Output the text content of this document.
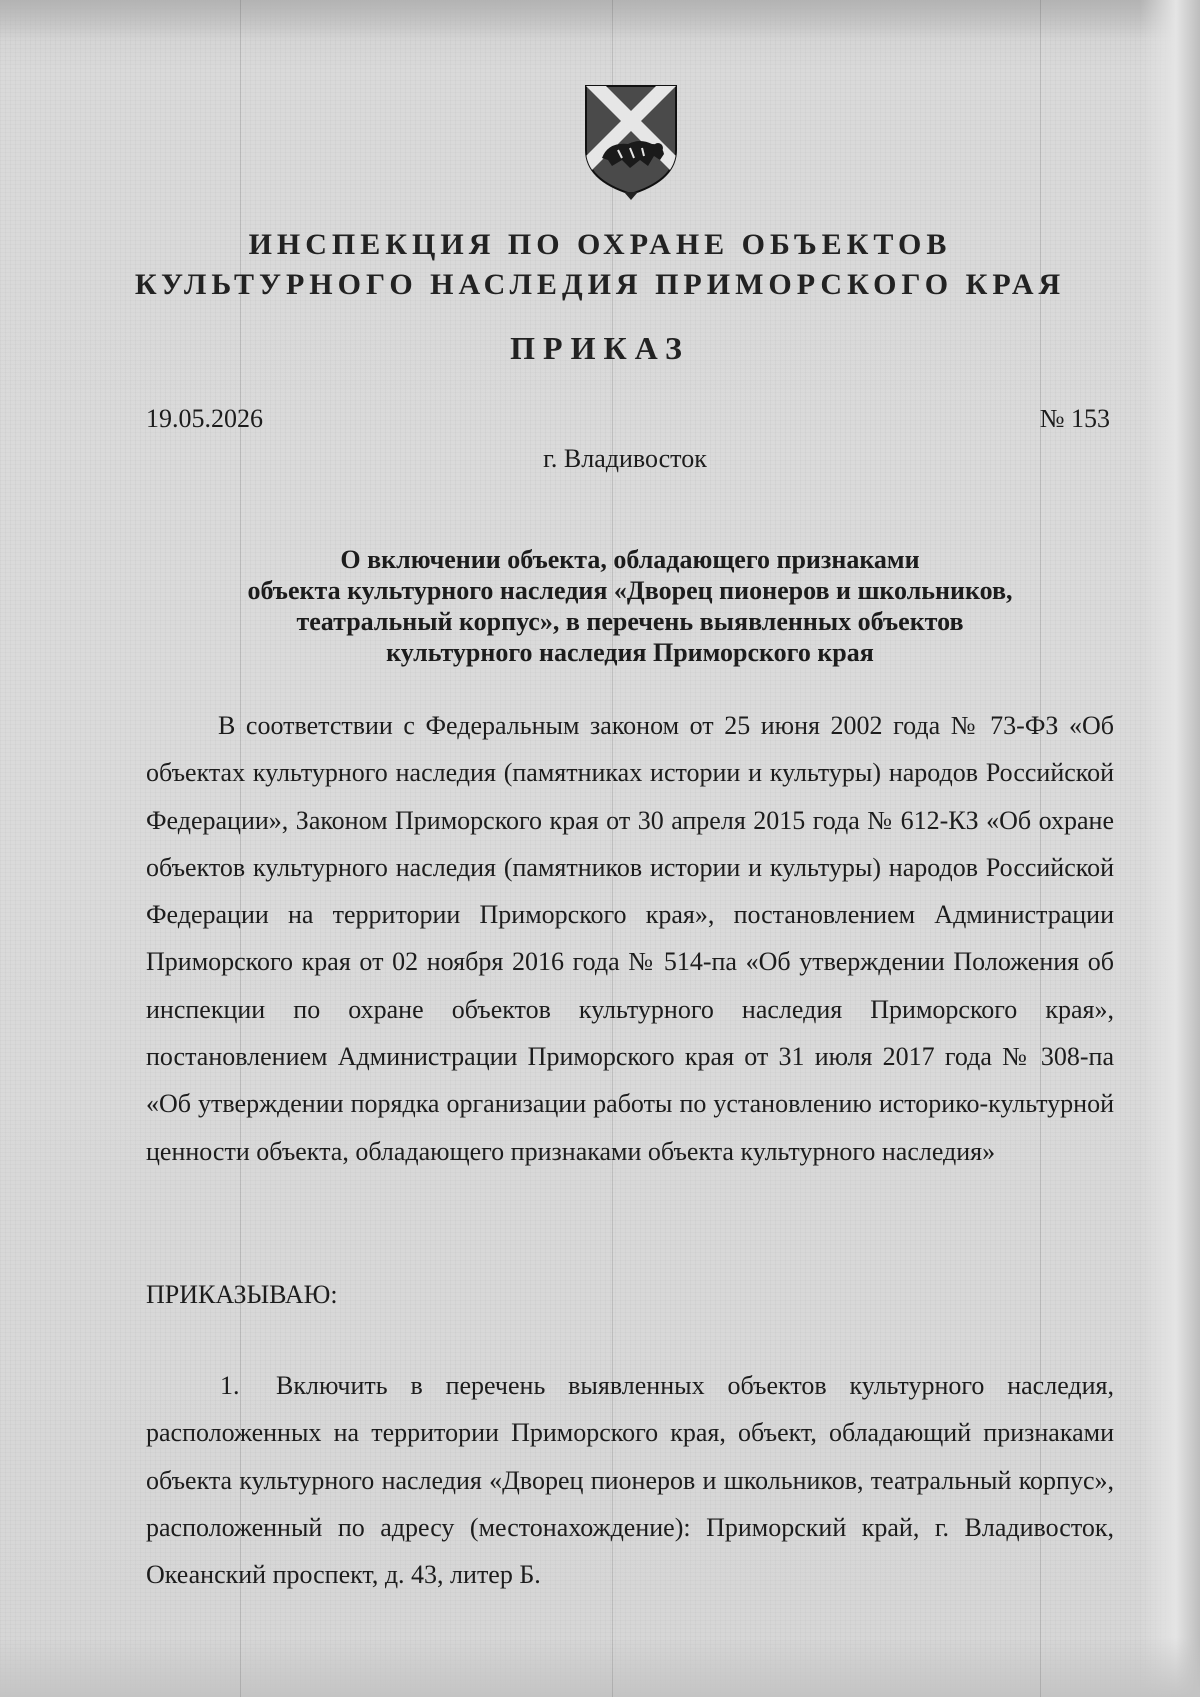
ИНСПЕКЦИЯ ПО ОХРАНЕ ОБЪЕКТОВ
КУЛЬТУРНОГО НАСЛЕДИЯ ПРИМОРСКОГО КРАЯ
ПРИКАЗ
19.05.2026	№ 153
г. Владивосток
О включении объекта, обладающего признаками
объекта культурного наследия «Дворец пионеров и школьников,
театральный корпус», в перечень выявленных объектов
культурного наследия Приморского края

В соответствии с Федеральным законом от 25 июня 2002 года № 73-ФЗ «Об объектах культурного наследия (памятниках истории и культуры) народов Российской Федерации», Законом Приморского края от 30 апреля 2015 года № 612-КЗ «Об охране объектов культурного наследия (памятников истории и культуры) народов Российской Федерации на территории Приморского края», постановлением Администрации Приморского края от 02 ноября 2016 года № 514-па «Об утверждении Положения об инспекции по охране объектов культурного наследия Приморского края», постановлением Администрации Приморского края от 31 июля 2017 года № 308-па «Об утверждении порядка организации работы по установлению историко-культурной ценности объекта, обладающего признаками объекта культурного наследия»

ПРИКАЗЫВАЮ:

1. Включить в перечень выявленных объектов культурного наследия, расположенных на территории Приморского края, объект, обладающий признаками объекта культурного наследия «Дворец пионеров и школьников, театральный корпус», расположенный по адресу (местонахождение): Приморский край, г. Владивосток, Океанский проспект, д. 43, литер Б.
